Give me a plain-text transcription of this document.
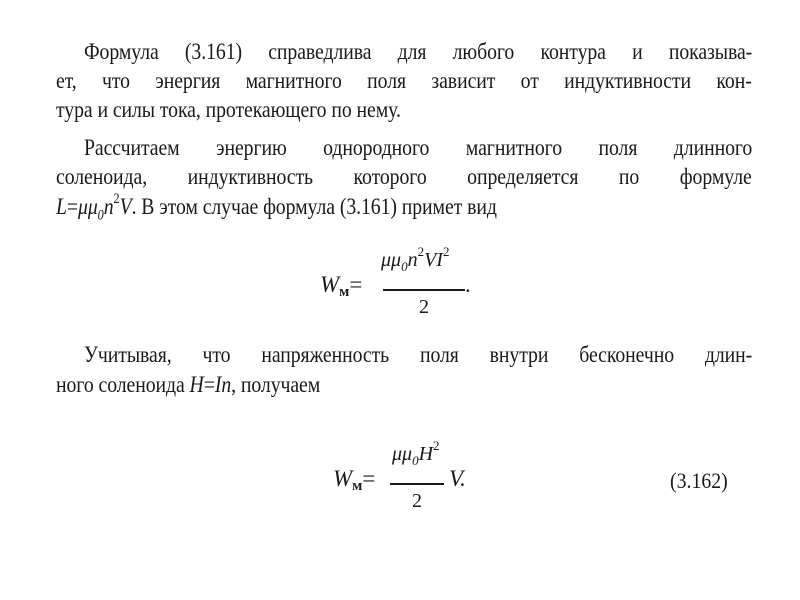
Формула (3.161) справедлива для любого контура и показыва-
ет, что энергия магнитного поля зависит от индуктивности кон-
тура и силы тока, протекающего по нему.
Рассчитаем энергию однородного магнитного поля длинного
соленоида, индуктивность которого определяется по формуле
$L=\mu\mu_0n^2V$. В этом случае формула (3.161) примет вид
Wм=
$\mu\mu_0n^2VI^2$
2
.
Учитывая, что напряженность поля внутри бесконечно длин-
ного соленоида H=In, получаем
Wм=
$\mu\mu_0H^2$
2
V.	(3.162)
